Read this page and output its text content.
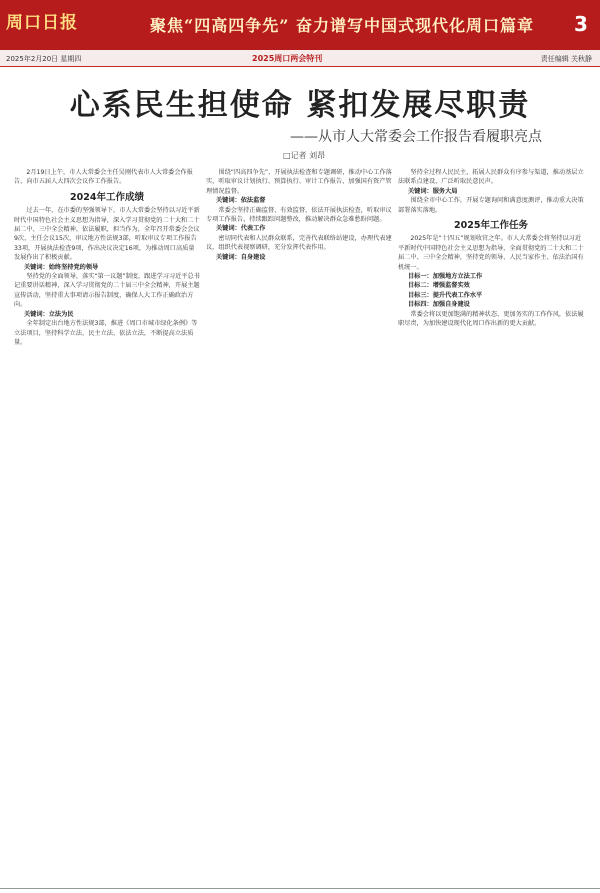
周口日报	聚焦“四高四争先” 奋力谱写中国式现代化周口篇章	3
2025年2月20日 星期四	2025周口两会特刊	责任编辑 关秋静
心系民生担使命 紧扣发展尽职责
——从市人大常委会工作报告看履职亮点
□记者 刘昂

2月19日上午，市人大常委会主任吴刚代表市人大常委会作报告，向市五届人大四次会议作工作报告。

2024年工作成绩

过去一年，在市委的坚强领导下，市人大常委会坚持以习近平新时代中国特色社会主义思想为指导，深入学习贯彻党的二十大和二十届二中、三中全会精神，依法履职，担当作为，全年召开常委会会议9次，主任会议15次，审议地方性法规3部，听取审议专项工作报告33项，开展执法检查9项，作出决议决定16项，为推动周口高质量发展作出了积极贡献。

关键词：始终坚持党的领导

坚持党的全面领导，落实“第一议题”制度，跟进学习习近平总书记重要讲话精神，深入学习贯彻党的二十届三中全会精神，开展主题宣传活动，坚持重大事项请示报告制度，确保人大工作正确政治方向。

关键词：立法为民

全年制定出台地方性法规3部，推进《周口市城市绿化条例》等立法项目，坚持科学立法、民主立法、依法立法，不断提高立法质量。

围绕“四高四争先”，开展执法检查和专题调研，推动中心工作落实，听取审议计划执行、预算执行、审计工作报告，加强国有资产管理情况监督。

关键词：依法监督

常委会坚持正确监督、有效监督，依法开展执法检查，听取审议专项工作报告，持续跟踪问题整改，推动解决群众急难愁盼问题。

关键词：代表工作

密切同代表和人民群众联系，完善代表联络站建设，办理代表建议，组织代表视察调研，充分发挥代表作用。

关键词：自身建设

坚持全过程人民民主，拓展人民群众有序参与渠道，推动基层立法联系点建设，广泛听取民意民声。

关键词：服务大局

围绕全市中心工作，开展专题询问和满意度测评，推动重大决策部署落实落地。

2025年工作任务

2025年是“十四五”规划收官之年。市人大常委会将坚持以习近平新时代中国特色社会主义思想为指导，全面贯彻党的二十大和二十届二中、三中全会精神，坚持党的领导、人民当家作主、依法治国有机统一。

目标一：加强地方立法工作

目标二：增强监督实效

目标三：提升代表工作水平

目标四：加强自身建设

常委会将以更加饱满的精神状态、更加务实的工作作风，依法履职尽责，为加快建设现代化周口作出新的更大贡献。
